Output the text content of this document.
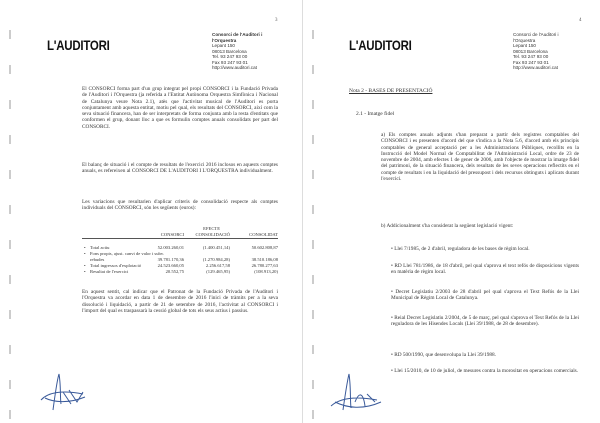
3
L'AUDITORI
Consorci de l'Auditori i
l'Orquestra
Lepant 150
08013 Barcelona
Tel. 93 247 93 00
Fax 93 247 93 01
http://www.auditori.cat
El CONSORCI forma part d'un grup integrat pel propi CONSORCI i la Fundació Privada de l'Auditori i l'Orquestra (ja referida a l'Entitat Autònoma Orquestra Simfònica i Nacional de Catalunya veure Nota 2.1), atès que l'activitat musical de l'Auditori es porta conjuntament amb aquesta entitat, motiu pel qual, els resultats del CONSORCI, així com la seva situació financera, han de ser interpretats de forma conjunta amb la resta d'entitats que conformen el grup, donant lloc a que es formulin comptes anuals consolidats per part del CONSORCI.
El balanç de situació i el compte de resultats de l'exercici 2016 inclosos en aquests comptes anuals, es refereixen al CONSORCI DE L'AUDITORI I L'ORQUESTRA individualment.
Les variacions que resultarien d'aplicar criteris de consolidació respecte als comptes individuals del CONSORCI, són les següents (euros):
EFECTE
CONSORCI	CONSOLIDACIÓ	CONSOLIDAT
• Total actiu	52.003.260,01	(1.400.451,14)	50.602.808,87
• Fons propis, ajust. canvi de valor i subv.
rebudes	39.781.170,36	(1.270.984,28)	38.510.186,08
• Total ingressos d'explotació	24.523.660,05	2.256.617,58	26.780.277,63
• Resultat de l'exercici	20.552,75	(129.465,95)	(108.913,20)
En aquest sentit, cal indicar que el Patronat de la Fundació Privada de l'Auditori i l'Orquestra va acordar en data 1 de desembre de 2016 l'inici de tràmits per a la seva dissolució i liquidació, a partir de 21 de setembre de 2016, l'activitat al CONSORCI i l'import del qual es traspassarà la cessió global de tots els seus actius i passius.
4
L'AUDITORI
Consorci de l'Auditori i
l'Orquestra
Lepant 150
08013 Barcelona
Tel. 93 247 93 00
Fax 93 247 93 01
http://www.auditori.cat
Nota 2 - BASES DE PRESENTACIÓ
2.1 - Imatge fidel
a) Els comptes anuals adjunts s'han preparat a partir dels registres comptables del CONSORCI i es presenten d'acord del que s'indica a la Nota 5.6, d'acord amb els principis comptables de general acceptació per a les Administracions Públiques, recollits en la Instrucció del Model Normal de Comptabilitat de l'Administració Local, ordre de 23 de novembre de 2004, amb efectes 1 de gener de 2006, amb l'objecte de mostrar la imatge fidel del patrimoni, de la situació financera, dels resultats de les seves operacions reflectits en el compte de resultats i en la liquidació del pressupost i dels recursos obtinguts i aplicats durant l'exercici.
b) Addicionalment s'ha considerat la següent legislació vigent:
• Llei 7/1985, de 2 d'abril, reguladora de les bases de règim local.
• RD Llei 781/1986, de 18 d'abril, pel qual s'aprova el text refós de disposicions vigents en matèria de règim local.
• Decret Legislatiu 2/2003 de 28 d'abril pel qual s'aprova el Text Refós de la Llei Municipal de Règim Local de Catalunya.
• Reial Decret Legislatiu 2/2004, de 5 de març, pel qual s'aprova el Text Refós de la Llei reguladora de les Hisendes Locals (Llei 39/1988, de 28 de desembre).
• RD 500/1990, que desenvolupa la Llei 39/1988.
• Llei 15/2010, de 10 de juliol, de mesures contra la morositat en operacions comercials.
